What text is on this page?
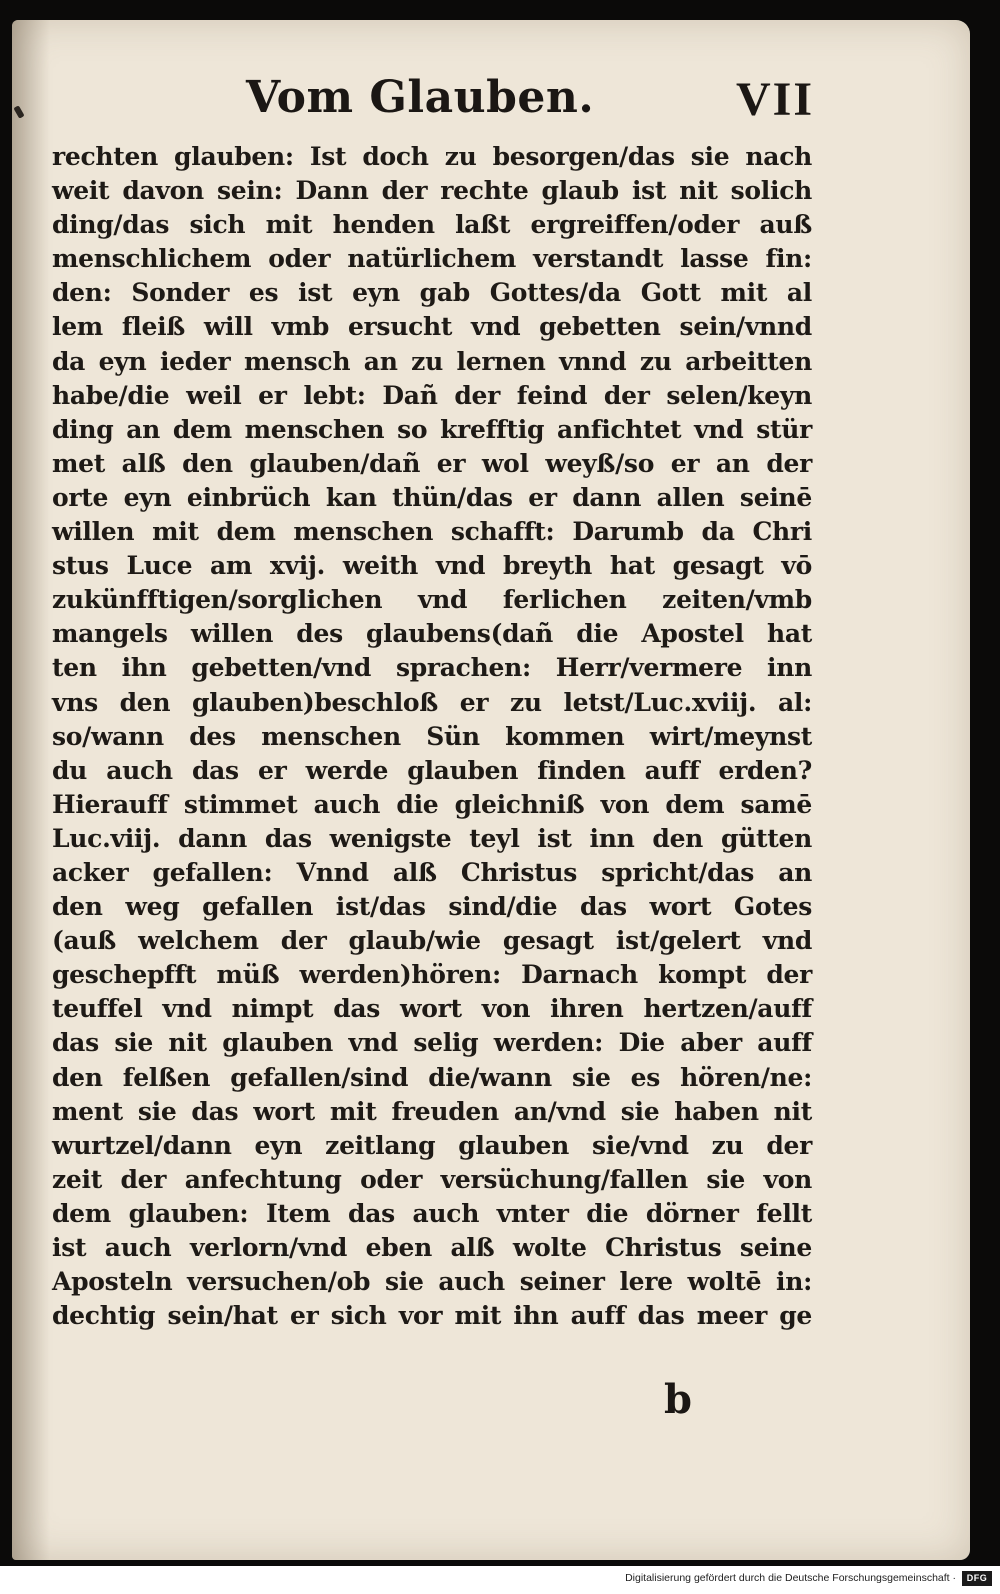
Vom Glauben.	VII
rechten glauben: Ist doch zu besorgen/das sie nach
weit davon sein: Dann der rechte glaub ist nit solich
ding/das sich mit henden laßt ergreiffen/oder auß
menschlichem oder natürlichem verstandt lasse fin:
den: Sonder es ist eyn gab Gottes/da Gott mit al
lem fleiß will vmb ersucht vnd gebetten sein/vnnd
da eyn ieder mensch an zu lernen vnnd zu arbeitten
habe/die weil er lebt: Dañ der feind der selen/keyn
ding an dem menschen so krefftig anfichtet vnd stür
met alß den glauben/dañ er wol weyß/so er an der
orte eyn einbrüch kan thün/das er dann allen seinē
willen mit dem menschen schafft: Darumb da Chri
stus Luce am xvij. weith vnd breyth hat gesagt vō
zukünfftigen/sorglichen vnd ferlichen zeiten/vmb
mangels willen des glaubens(dañ die Apostel hat
ten ihn gebetten/vnd sprachen: Herr/vermere inn
vns den glauben)beschloß er zu letst/Luc.xviij. al:
so/wann des menschen Sün kommen wirt/meynst
du auch das er werde glauben finden auff erden?
Hierauff stimmet auch die gleichniß von dem samē
Luc.viij. dann das wenigste teyl ist inn den gütten
acker gefallen: Vnnd alß Christus spricht/das an
den weg gefallen ist/das sind/die das wort Gotes
(auß welchem der glaub/wie gesagt ist/gelert vnd
geschepfft müß werden)hören: Darnach kompt der
teuffel vnd nimpt das wort von ihren hertzen/auff
das sie nit glauben vnd selig werden: Die aber auff
den felßen gefallen/sind die/wann sie es hören/ne:
ment sie das wort mit freuden an/vnd sie haben nit
wurtzel/dann eyn zeitlang glauben sie/vnd zu der
zeit der anfechtung oder versüchung/fallen sie von
dem glauben: Item das auch vnter die dörner fellt
ist auch verlorn/vnd eben alß wolte Christus seine
Aposteln versuchen/ob sie auch seiner lere woltē in:
dechtig sein/hat er sich vor mit ihn auff das meer ge
b
Digitalisierung gefördert durch die Deutsche Forschungsgemeinschaft ·	DFG
